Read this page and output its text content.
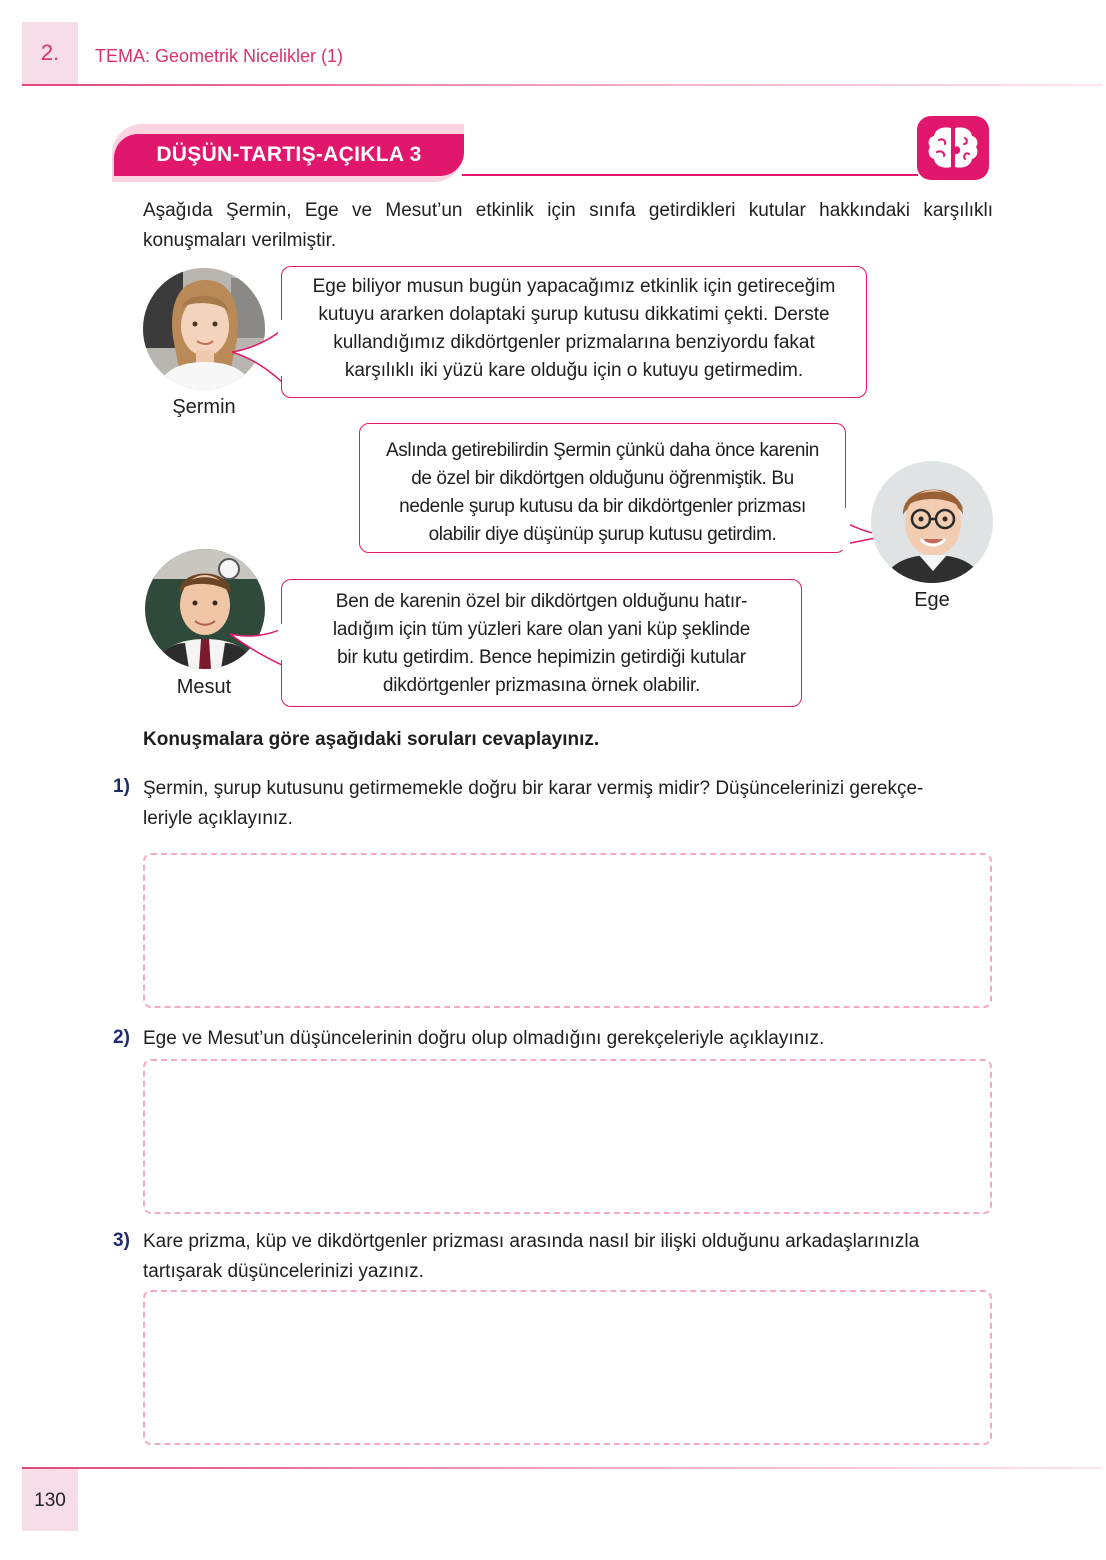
2.	TEMA: Geometrik Nicelikler (1)
DÜŞÜN-TARTIŞ-AÇIKLA 3
Aşağıda Şermin, Ege ve Mesut’un etkinlik için sınıfa getirdikleri kutular hakkındaki karşılıklı konuşmaları verilmiştir.
Şermin
Ege biliyor musun bugün yapacağımız etkinlik için getireceğim
kutuyu ararken dolaptaki şurup kutusu dikkatimi çekti. Derste
kullandığımız dikdörtgenler prizmalarına benziyordu fakat
karşılıklı iki yüzü kare olduğu için o kutuyu getirmedim.
Aslında getirebilirdin Şermin çünkü daha önce karenin
de özel bir dikdörtgen olduğunu öğrenmiştik. Bu
nedenle şurup kutusu da bir dikdörtgenler prizması
olabilir diye düşünüp şurup kutusu getirdim.
Ege
Mesut
Ben de karenin özel bir dikdörtgen olduğunu hatır-
ladığım için tüm yüzleri kare olan yani küp şeklinde
bir kutu getirdim. Bence hepimizin getirdiği kutular
dikdörtgenler prizmasına örnek olabilir.
Konuşmalara göre aşağıdaki soruları cevaplayınız.
1) Şermin, şurup kutusunu getirmemekle doğru bir karar vermiş midir? Düşüncelerinizi gerekçe-
leriyle açıklayınız.
2) Ege ve Mesut’un düşüncelerinin doğru olup olmadığını gerekçeleriyle açıklayınız.
3) Kare prizma, küp ve dikdörtgenler prizması arasında nasıl bir ilişki olduğunu arkadaşlarınızla
tartışarak düşüncelerinizi yazınız.
130
